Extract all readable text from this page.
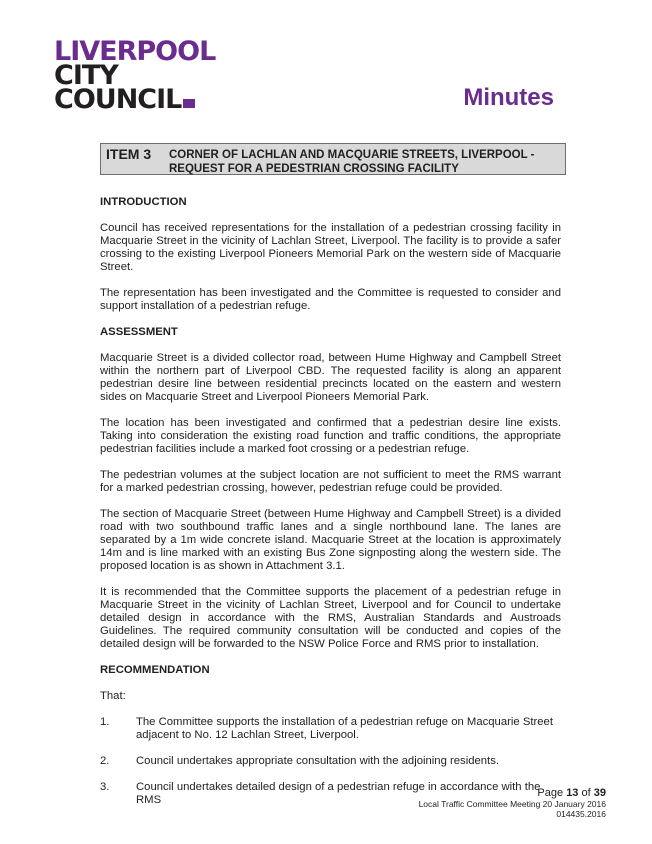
LIVERPOOL
CITY
COUNCIL	Minutes
ITEM 3 CORNER OF LACHLAN AND MACQUARIE STREETS, LIVERPOOL - REQUEST FOR A PEDESTRIAN CROSSING FACILITY
INTRODUCTION

Council has received representations for the installation of a pedestrian crossing facility in Macquarie Street in the vicinity of Lachlan Street, Liverpool. The facility is to provide a safer crossing to the existing Liverpool Pioneers Memorial Park on the western side of Macquarie Street.

The representation has been investigated and the Committee is requested to consider and support installation of a pedestrian refuge.

ASSESSMENT

Macquarie Street is a divided collector road, between Hume Highway and Campbell Street within the northern part of Liverpool CBD. The requested facility is along an apparent pedestrian desire line between residential precincts located on the eastern and western sides on Macquarie Street and Liverpool Pioneers Memorial Park.

The location has been investigated and confirmed that a pedestrian desire line exists. Taking into consideration the existing road function and traffic conditions, the appropriate pedestrian facilities include a marked foot crossing or a pedestrian refuge.

The pedestrian volumes at the subject location are not sufficient to meet the RMS warrant for a marked pedestrian crossing, however, pedestrian refuge could be provided.

The section of Macquarie Street (between Hume Highway and Campbell Street) is a divided road with two southbound traffic lanes and a single northbound lane. The lanes are separated by a 1m wide concrete island. Macquarie Street at the location is approximately 14m and is line marked with an existing Bus Zone signposting along the western side. The proposed location is as shown in Attachment 3.1.

It is recommended that the Committee supports the placement of a pedestrian refuge in Macquarie Street in the vicinity of Lachlan Street, Liverpool and for Council to undertake detailed design in accordance with the RMS, Australian Standards and Austroads Guidelines. The required community consultation will be conducted and copies of the detailed design will be forwarded to the NSW Police Force and RMS prior to installation.

RECOMMENDATION

That:

1. The Committee supports the installation of a pedestrian refuge on Macquarie Street adjacent to No. 12 Lachlan Street, Liverpool.
2. Council undertakes appropriate consultation with the adjoining residents.
3. Council undertakes detailed design of a pedestrian refuge in accordance with the RMS
Page 13 of 39
Local Traffic Committee Meeting 20 January 2016
014435.2016
